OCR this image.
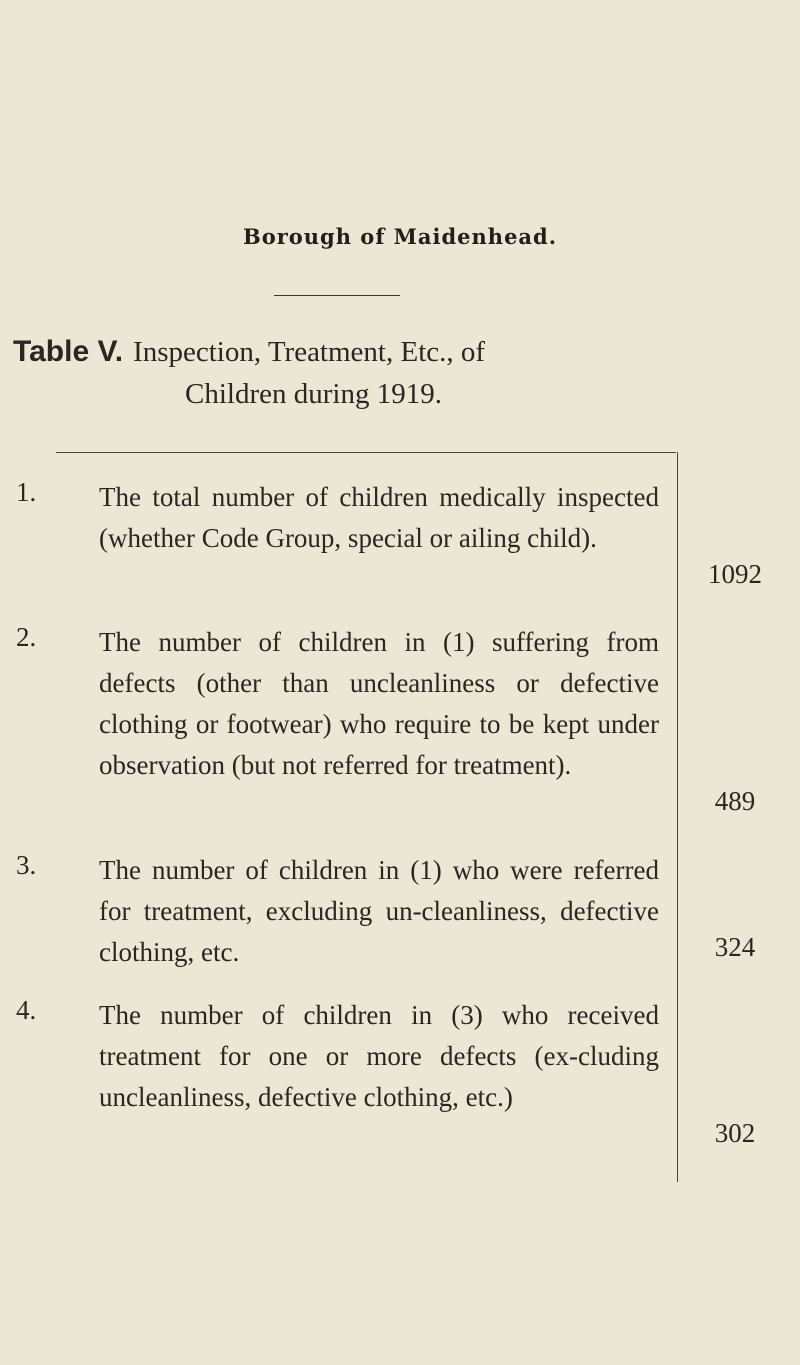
Borough of Maidenhead.
Table V. Inspection, Treatment, Etc., of
Children during 1919.
1. The total number of children medically inspected (whether Code Group, special or ailing child).
1092
2. The number of children in (1) suffering from defects (other than uncleanliness or defective clothing or footwear) who require to be kept under observation (but not referred for treatment).
489
3. The number of children in (1) who were referred for treatment, excluding un-cleanliness, defective clothing, etc.	324
4. The number of children in (3) who received treatment for one or more defects (ex-cluding uncleanliness, defective clothing, etc.)
302
